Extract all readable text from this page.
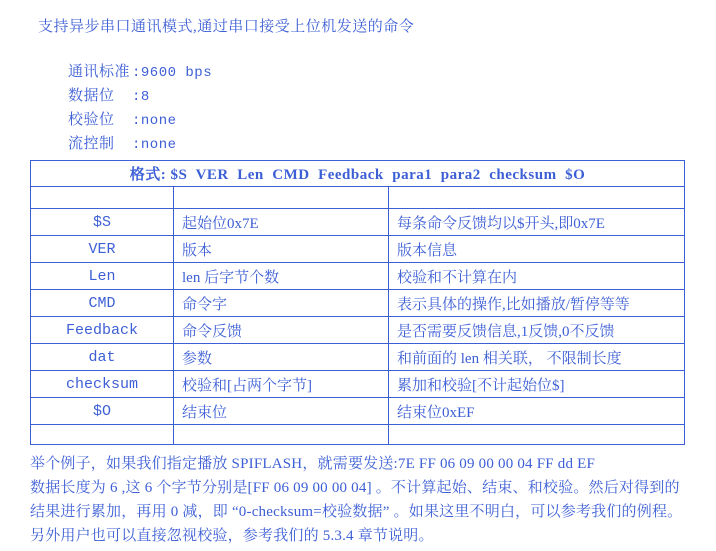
支持异步串口通讯模式,通过串口接受上位机发送的命令
通讯标准 :9600 bps
数据位 :8
校验位 :none
流控制 :none
格式: $S  VER  Len  CMD  Feedback  para1  para2  checksum  $O		

$S	起始位0x7E	每条命令反馈均以$开头,即0x7E
VER	版本	版本信息
Len	len 后字节个数	校验和不计算在内
CMD	命令字	表示具体的操作,比如播放/暂停等等
Feedback	命令反馈	是否需要反馈信息,1反馈,0不反馈
dat	参数	和前面的 len 相关联， 不限制长度
checksum	校验和[占两个字节]	累加和校验[不计起始位$]
$O	结束位	结束位0xEF

举个例子，如果我们指定播放 SPIFLASH，就需要发送:7E FF 06 09 00 00 04 FF dd EF
数据长度为 6 ,这 6 个字节分别是[FF 06 09 00 00 04] 。不计算起始、结束、和校验。然后对得到的
结果进行累加，再用 0 减，即 “0-checksum=校验数据” 。如果这里不明白，可以参考我们的例程。
另外用户也可以直接忽视校验，参考我们的 5.3.4 章节说明。
